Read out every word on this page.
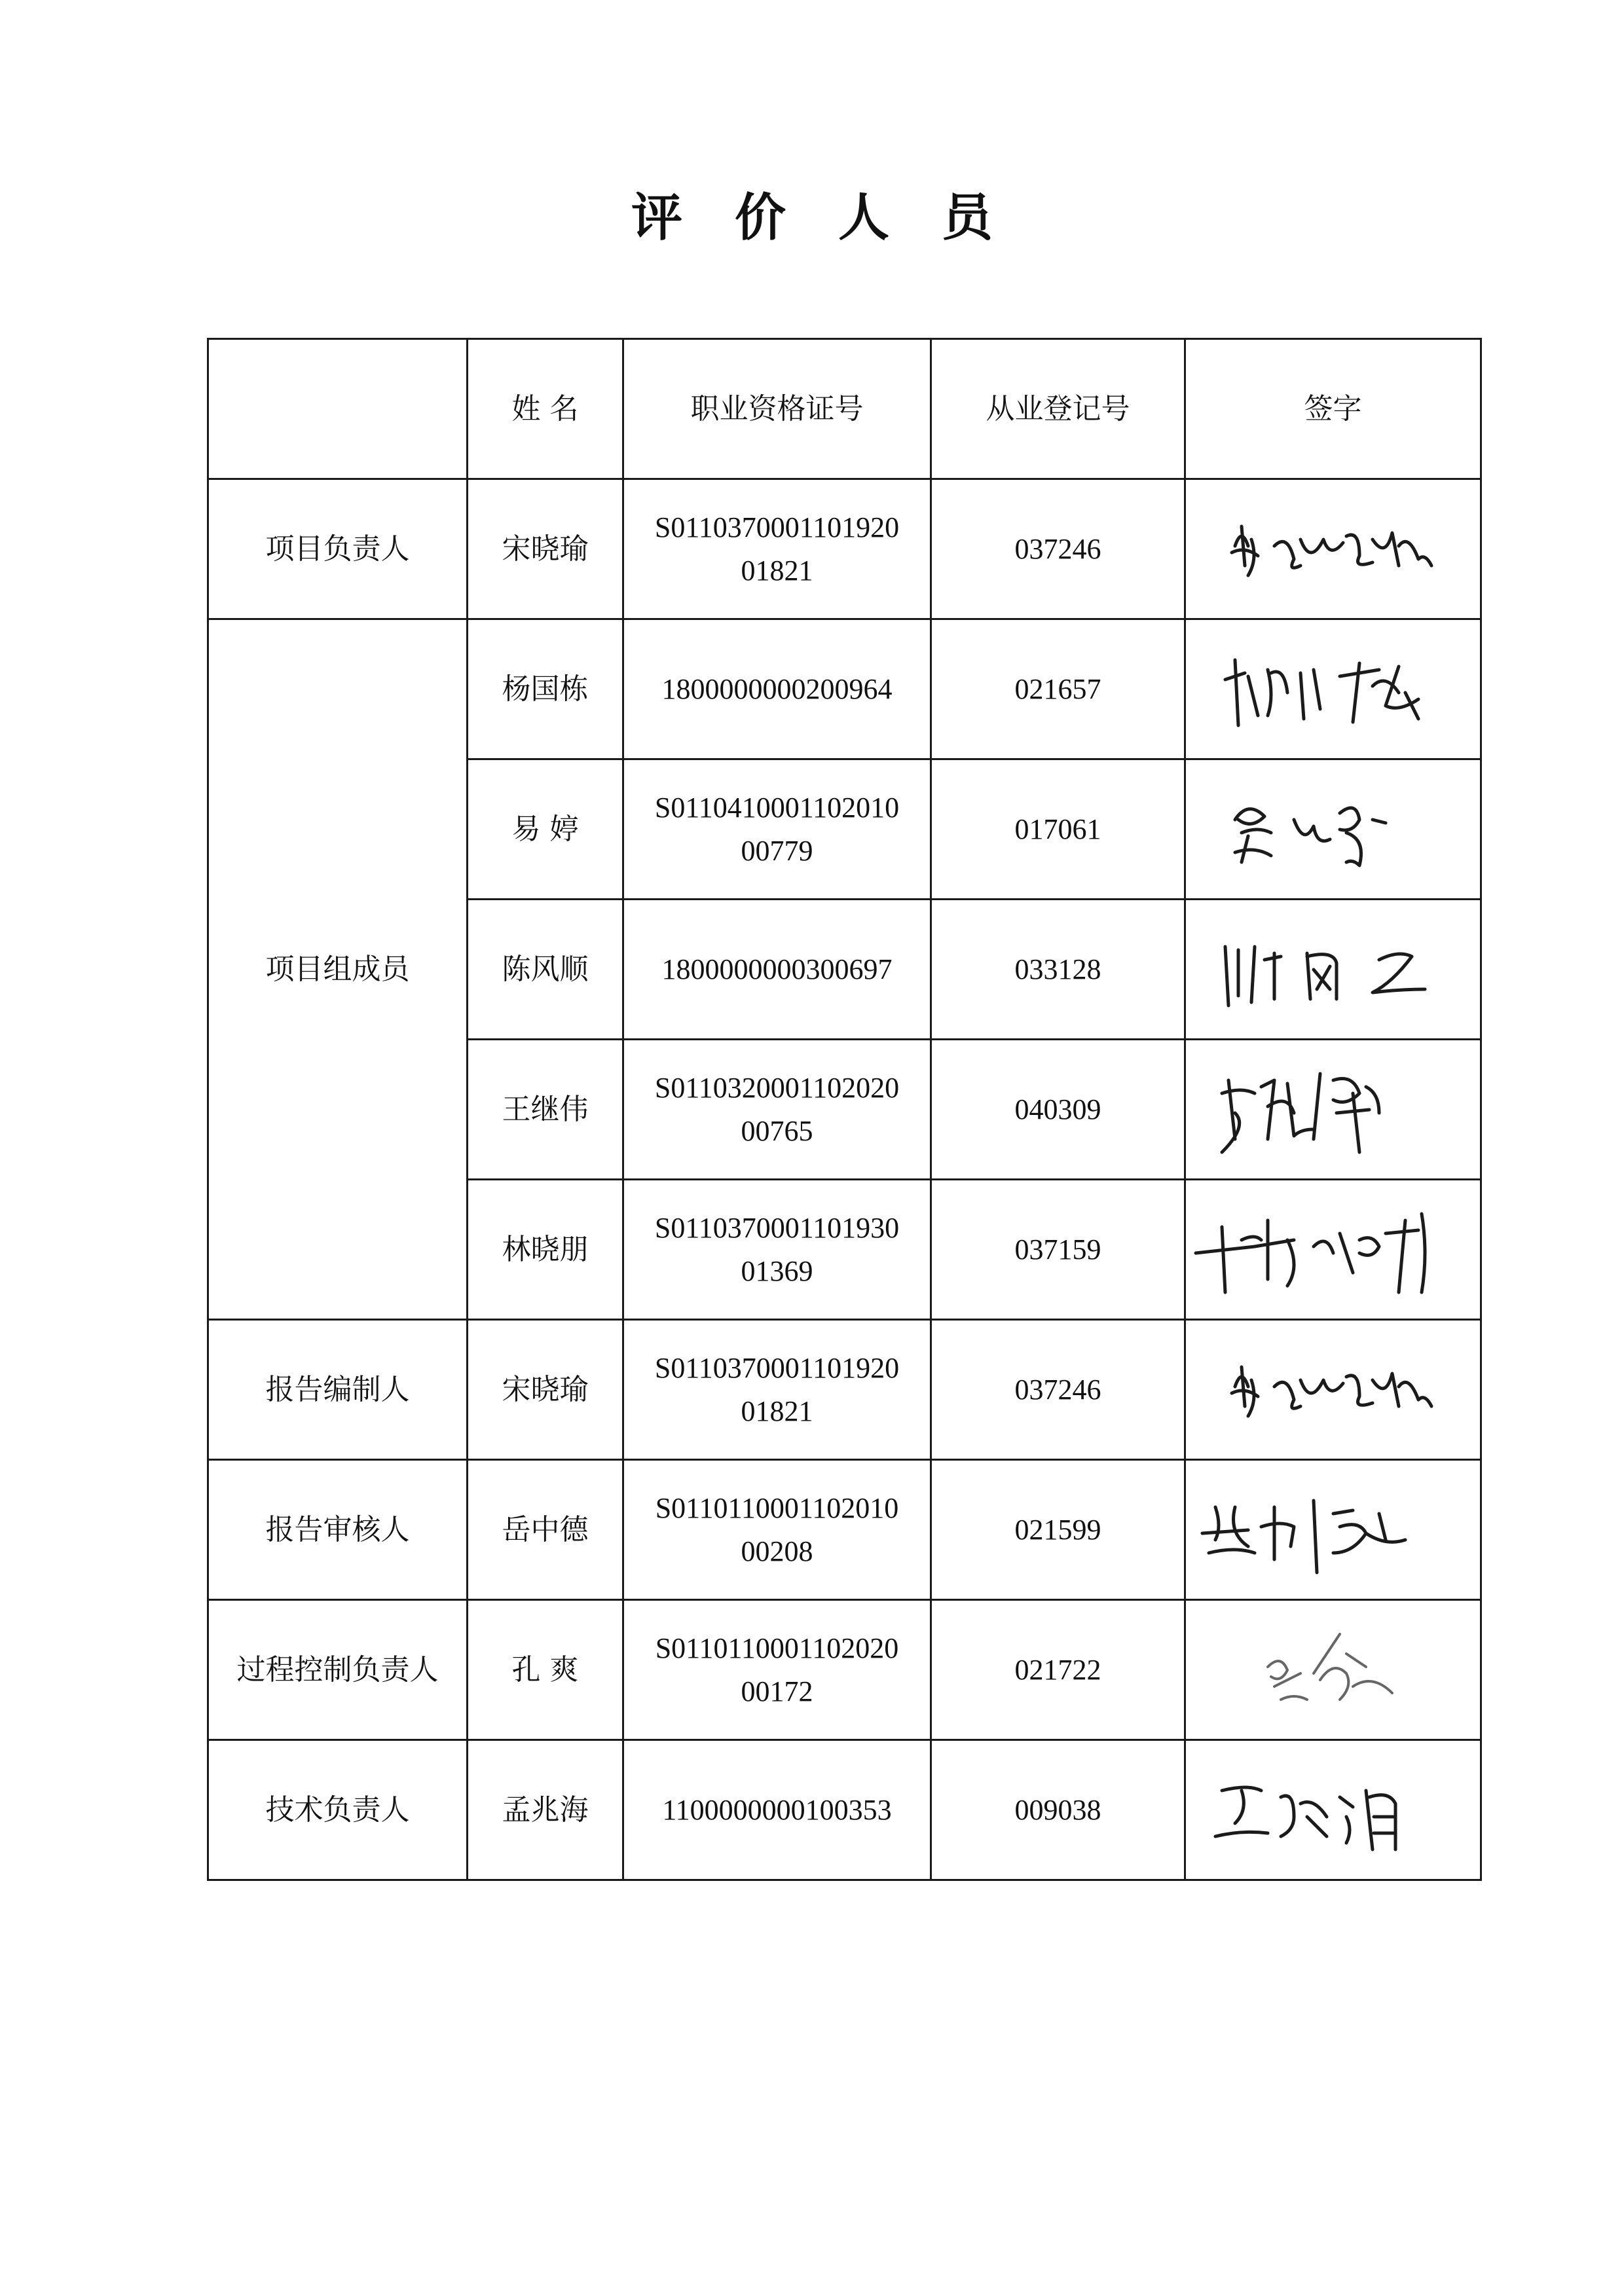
评 价 人 员
	姓 名	职业资格证号	从业登记号	签字
项目负责人	宋晓瑜	S0110370001101920
01821	037246	

项目组成员	杨国栋	1800000000200964	021657	

	易 婷	S0110410001102010
00779	017061	

	陈风顺	1800000000300697	033128	

	王继伟	S0110320001102020
00765	040309	

	林晓朋	S0110370001101930
01369	037159	

报告编制人	宋晓瑜	S0110370001101920
01821	037246	

报告审核人	岳中德	S0110110001102010
00208	021599	

过程控制负责人	孔 爽	S0110110001102020
00172	021722	

技术负责人	孟兆海	1100000000100353	009038	
